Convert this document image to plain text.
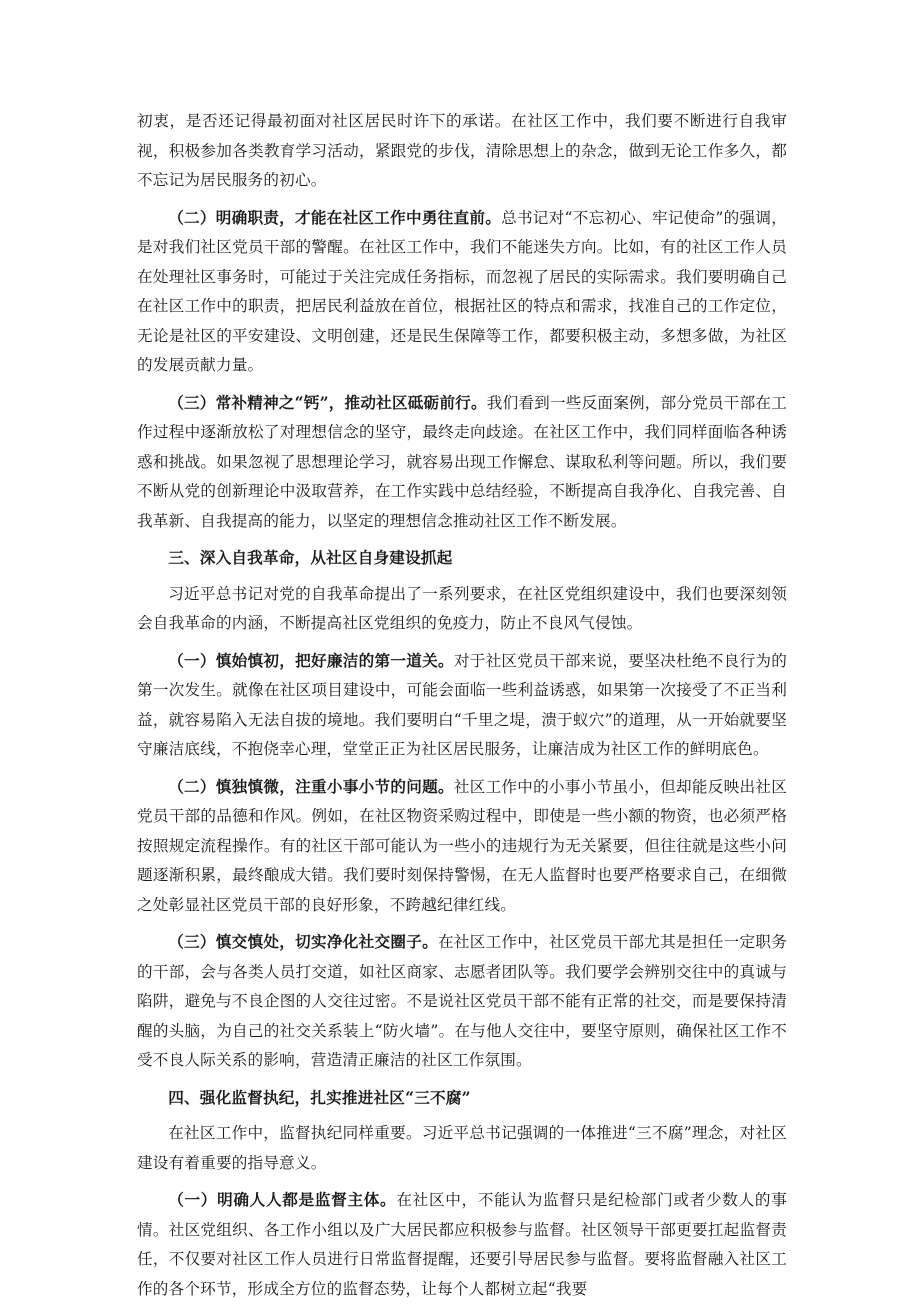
初衷，是否还记得最初面对社区居民时许下的承诺。在社区工作中，我们要不断进行自我审视，积极参加各类教育学习活动，紧跟党的步伐，清除思想上的杂念，做到无论工作多久，都不忘记为居民服务的初心。

（二）明确职责，才能在社区工作中勇往直前。总书记对“不忘初心、牢记使命”的强调，是对我们社区党员干部的警醒。在社区工作中，我们不能迷失方向。比如，有的社区工作人员在处理社区事务时，可能过于关注完成任务指标，而忽视了居民的实际需求。我们要明确自己在社区工作中的职责，把居民利益放在首位，根据社区的特点和需求，找准自己的工作定位，无论是社区的平安建设、文明创建，还是民生保障等工作，都要积极主动，多想多做，为社区的发展贡献力量。

（三）常补精神之“钙”，推动社区砥砺前行。我们看到一些反面案例，部分党员干部在工作过程中逐渐放松了对理想信念的坚守，最终走向歧途。在社区工作中，我们同样面临各种诱惑和挑战。如果忽视了思想理论学习，就容易出现工作懈怠、谋取私利等问题。所以，我们要不断从党的创新理论中汲取营养，在工作实践中总结经验，不断提高自我净化、自我完善、自我革新、自我提高的能力，以坚定的理想信念推动社区工作不断发展。

三、深入自我革命，从社区自身建设抓起

习近平总书记对党的自我革命提出了一系列要求，在社区党组织建设中，我们也要深刻领会自我革命的内涵，不断提高社区党组织的免疫力，防止不良风气侵蚀。

（一）慎始慎初，把好廉洁的第一道关。对于社区党员干部来说，要坚决杜绝不良行为的第一次发生。就像在社区项目建设中，可能会面临一些利益诱惑，如果第一次接受了不正当利益，就容易陷入无法自拔的境地。我们要明白“千里之堤，溃于蚁穴”的道理，从一开始就要坚守廉洁底线，不抱侥幸心理，堂堂正正为社区居民服务，让廉洁成为社区工作的鲜明底色。

（二）慎独慎微，注重小事小节的问题。社区工作中的小事小节虽小，但却能反映出社区党员干部的品德和作风。例如，在社区物资采购过程中，即使是一些小额的物资，也必须严格按照规定流程操作。有的社区干部可能认为一些小的违规行为无关紧要，但往往就是这些小问题逐渐积累，最终酿成大错。我们要时刻保持警惕，在无人监督时也要严格要求自己，在细微之处彰显社区党员干部的良好形象，不跨越纪律红线。

（三）慎交慎处，切实净化社交圈子。在社区工作中，社区党员干部尤其是担任一定职务的干部，会与各类人员打交道，如社区商家、志愿者团队等。我们要学会辨别交往中的真诚与陷阱，避免与不良企图的人交往过密。不是说社区党员干部不能有正常的社交，而是要保持清醒的头脑，为自己的社交关系装上“防火墙”。在与他人交往中，要坚守原则，确保社区工作不受不良人际关系的影响，营造清正廉洁的社区工作氛围。

四、强化监督执纪，扎实推进社区“三不腐”

在社区工作中，监督执纪同样重要。习近平总书记强调的一体推进“三不腐”理念，对社区建设有着重要的指导意义。

（一）明确人人都是监督主体。在社区中，不能认为监督只是纪检部门或者少数人的事情。社区党组织、各工作小组以及广大居民都应积极参与监督。社区领导干部更要扛起监督责任，不仅要对社区工作人员进行日常监督提醒，还要引导居民参与监督。要将监督融入社区工作的各个环节，形成全方位的监督态势，让每个人都树立起“我要
